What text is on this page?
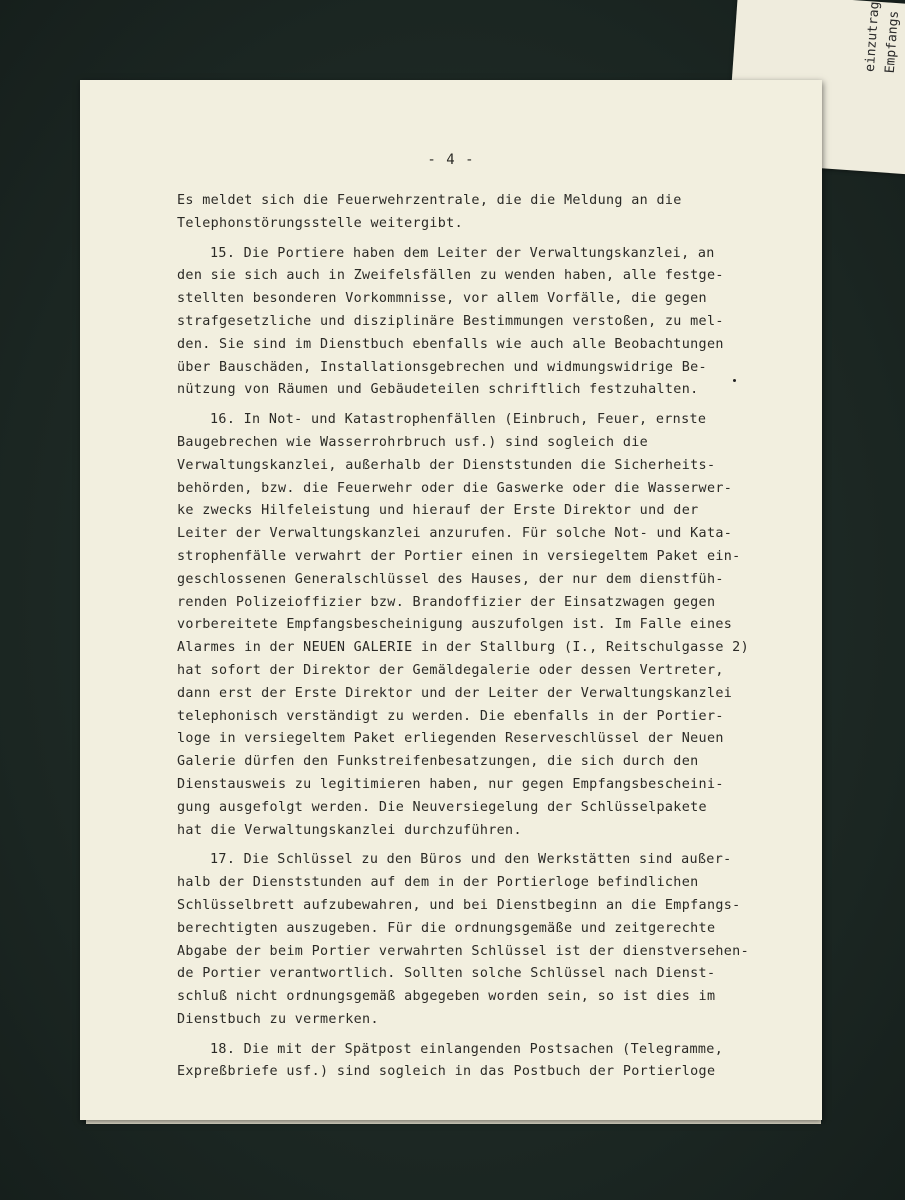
einzutrag Empfangs
- 4 -
Es meldet sich die Feuerwehrzentrale, die die Meldung an die
Telephonstörungsstelle weitergibt.
15. Die Portiere haben dem Leiter der Verwaltungskanzlei, an
den sie sich auch in Zweifelsfällen zu wenden haben, alle festge-
stellten besonderen Vorkommnisse, vor allem Vorfälle, die gegen
strafgesetzliche und disziplinäre Bestimmungen verstoßen, zu mel-
den. Sie sind im Dienstbuch ebenfalls wie auch alle Beobachtungen
über Bauschäden, Installationsgebrechen und widmungswidrige Be-
nützung von Räumen und Gebäudeteilen schriftlich festzuhalten.
16. In Not- und Katastrophenfällen (Einbruch, Feuer, ernste
Baugebrechen wie Wasserrohrbruch usf.) sind sogleich die
Verwaltungskanzlei, außerhalb der Dienststunden die Sicherheits-
behörden, bzw. die Feuerwehr oder die Gaswerke oder die Wasserwer-
ke zwecks Hilfeleistung und hierauf der Erste Direktor und der
Leiter der Verwaltungskanzlei anzurufen. Für solche Not- und Kata-
strophenfälle verwahrt der Portier einen in versiegeltem Paket ein-
geschlossenen Generalschlüssel des Hauses, der nur dem dienstfüh-
renden Polizeioffizier bzw. Brandoffizier der Einsatzwagen gegen
vorbereitete Empfangsbescheinigung auszufolgen ist. Im Falle eines
Alarmes in der NEUEN GALERIE in der Stallburg (I., Reitschulgasse 2)
hat sofort der Direktor der Gemäldegalerie oder dessen Vertreter,
dann erst der Erste Direktor und der Leiter der Verwaltungskanzlei
telephonisch verständigt zu werden. Die ebenfalls in der Portier-
loge in versiegeltem Paket erliegenden Reserveschlüssel der Neuen
Galerie dürfen den Funkstreifenbesatzungen, die sich durch den
Dienstausweis zu legitimieren haben, nur gegen Empfangsbescheini-
gung ausgefolgt werden. Die Neuversiegelung der Schlüsselpakete
hat die Verwaltungskanzlei durchzuführen.
17. Die Schlüssel zu den Büros und den Werkstätten sind außer-
halb der Dienststunden auf dem in der Portierloge befindlichen
Schlüsselbrett aufzubewahren, und bei Dienstbeginn an die Empfangs-
berechtigten auszugeben. Für die ordnungsgemäße und zeitgerechte
Abgabe der beim Portier verwahrten Schlüssel ist der dienstversehen-
de Portier verantwortlich. Sollten solche Schlüssel nach Dienst-
schluß nicht ordnungsgemäß abgegeben worden sein, so ist dies im
Dienstbuch zu vermerken.
18. Die mit der Spätpost einlangenden Postsachen (Telegramme,
Expreßbriefe usf.) sind sogleich in das Postbuch der Portierloge
